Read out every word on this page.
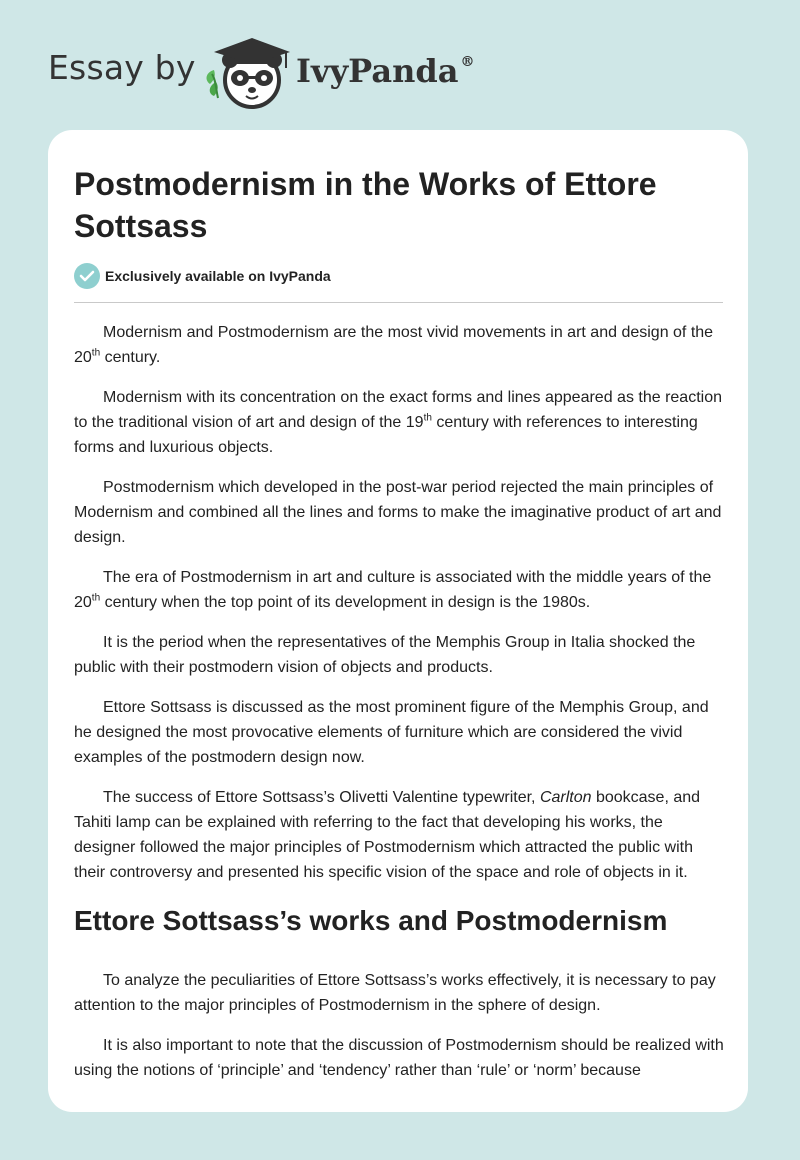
Essay by	IvyPanda ®
Postmodernism in the Works of Ettore Sottsass
Exclusively available on IvyPanda

Modernism and Postmodernism are the most vivid movements in art and design of the 20th century.

Modernism with its concentration on the exact forms and lines appeared as the reaction to the traditional vision of art and design of the 19th century with references to interesting forms and luxurious objects.

Postmodernism which developed in the post-war period rejected the main principles of Modernism and combined all the lines and forms to make the imaginative product of art and design.

The era of Postmodernism in art and culture is associated with the middle years of the 20th century when the top point of its development in design is the 1980s.

It is the period when the representatives of the Memphis Group in Italia shocked the public with their postmodern vision of objects and products.

Ettore Sottsass is discussed as the most prominent figure of the Memphis Group, and he designed the most provocative elements of furniture which are considered the vivid examples of the postmodern design now.

The success of Ettore Sottsass’s Olivetti Valentine typewriter, Carlton bookcase, and Tahiti lamp can be explained with referring to the fact that developing his works, the designer followed the major principles of Postmodernism which attracted the public with their controversy and presented his specific vision of the space and role of objects in it.

Ettore Sottsass’s works and Postmodernism

To analyze the peculiarities of Ettore Sottsass’s works effectively, it is necessary to pay attention to the major principles of Postmodernism in the sphere of design.

It is also important to note that the discussion of Postmodernism should be realized with using the notions of ‘principle’ and ‘tendency’ rather than ‘rule’ or ‘norm’ because
